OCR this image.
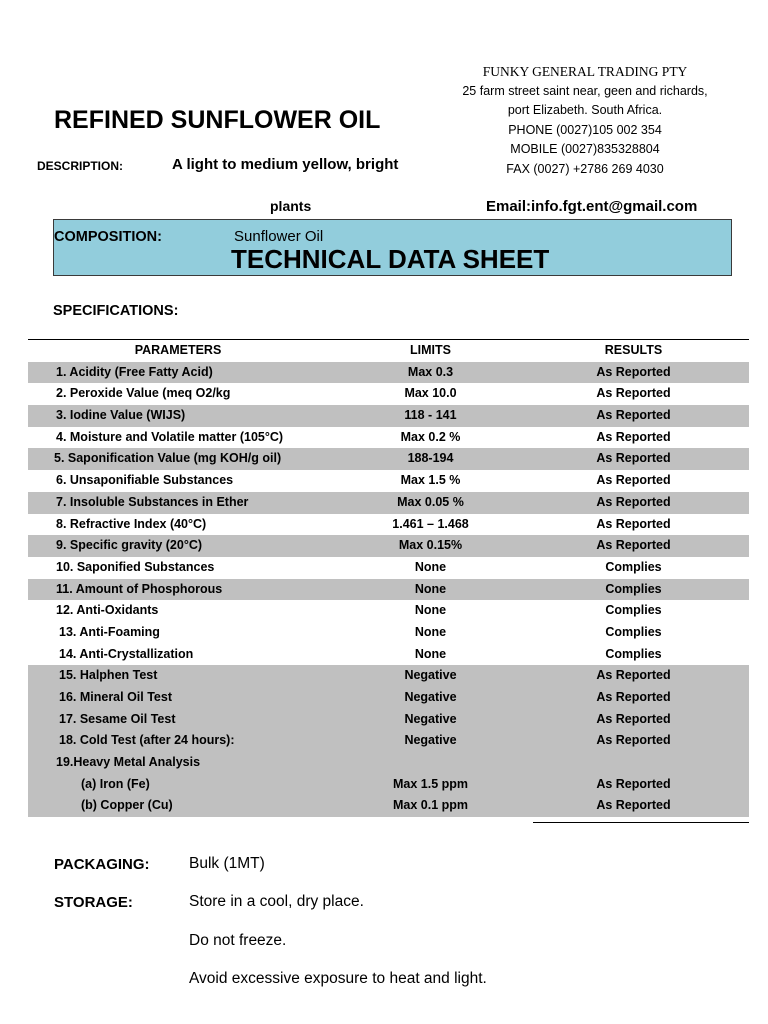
FUNKY GENERAL TRADING PTY
25 farm street saint near, geen and richards,
port Elizabeth. South Africa.
PHONE (0027)105 002 354
MOBILE (0027)835328804
FAX (0027) +2786 269 4030
REFINED SUNFLOWER OIL
DESCRIPTION:	A light to medium yellow, bright
plants	Email:info.fgt.ent@gmail.com
COMPOSITION:	Sunflower Oil
TECHNICAL DATA SHEET
SPECIFICATIONS:
PARAMETERS	LIMITS	RESULTS
1. Acidity (Free Fatty Acid)	Max 0.3	As Reported
2. Peroxide Value (meq O2/kg	Max 10.0	As Reported
3. Iodine Value (WIJS)	118 - 141	As Reported
4. Moisture and Volatile matter (105°C)	Max 0.2 %	As Reported
5. Saponification Value (mg KOH/g oil)	188-194	As Reported
6. Unsaponifiable Substances	Max 1.5 %	As Reported
7. Insoluble Substances in Ether	Max 0.05 %	As Reported
8. Refractive Index (40°C)	1.461 – 1.468	As Reported
9. Specific gravity (20°C)	Max 0.15%	As Reported
10. Saponified Substances	None	Complies
11. Amount of Phosphorous	None	Complies
12. Anti-Oxidants	None	Complies
13. Anti-Foaming	None	Complies
14. Anti-Crystallization	None	Complies
15. Halphen Test	Negative	As Reported
16. Mineral Oil Test	Negative	As Reported
17. Sesame Oil Test	Negative	As Reported
18. Cold Test (after 24 hours):	Negative	As Reported
19.Heavy Metal Analysis
(a) Iron (Fe)	Max 1.5 ppm	As Reported
(b) Copper (Cu)	Max 0.1 ppm	As Reported
PACKAGING:	Bulk (1MT)
STORAGE:	Store in a cool, dry place.
Do not freeze.
Avoid excessive exposure to heat and light.
